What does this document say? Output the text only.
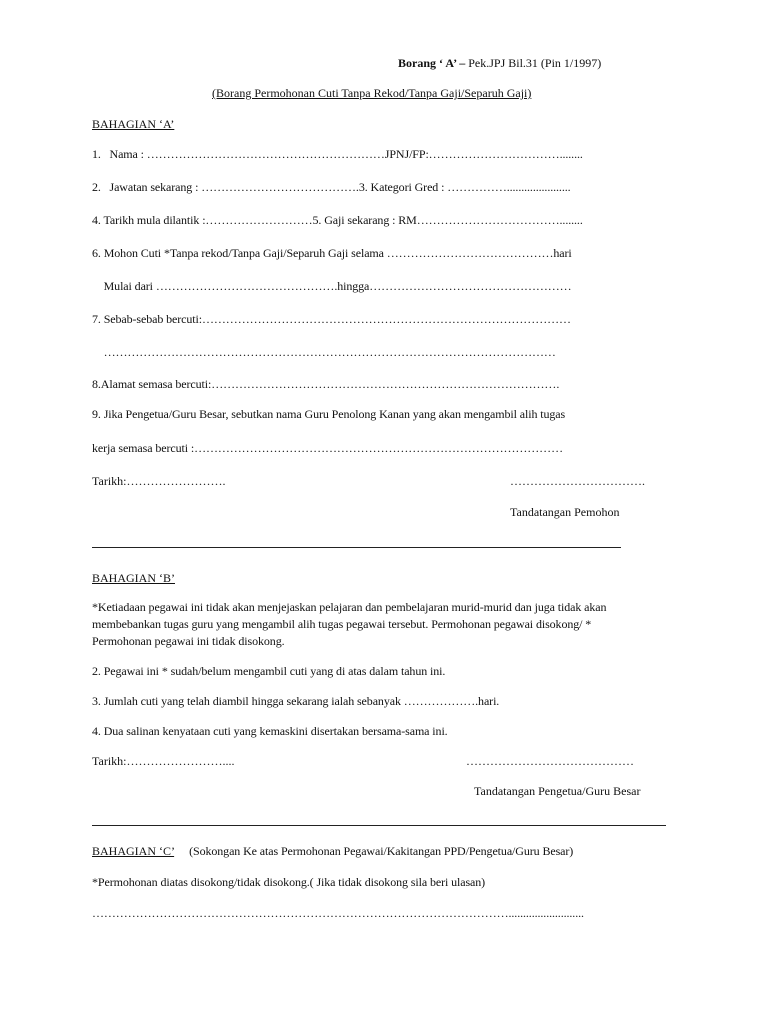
Borang ‘ A’ – Pek.JPJ Bil.31 (Pin 1/1997)
(Borang Permohonan Cuti Tanpa Rekod/Tanpa Gaji/Separuh Gaji)
BAHAGIAN ‘A’
1.   Nama : ……………………………………………………JPNJ/FP:……………………………........
2.   Jawatan sekarang : ………………………………….3. Kategori Gred : ……………......................
4. Tarikh mula dilantik :………………………5. Gaji sekarang : RM………………………………........
6. Mohon Cuti *Tanpa rekod/Tanpa Gaji/Separuh Gaji selama ……………………………………hari
Mulai dari ……………………………………….hingga……………………………………………
7. Sebab-sebab bercuti:…………………………………………………………………………………
……………………………………………………………………………………………………
8.Alamat semasa bercuti:…………………………………………………………………………….
9. Jika Pengetua/Guru Besar, sebutkan nama Guru Penolong Kanan yang akan mengambil alih tugas
kerja semasa bercuti :…………………………………………………………………………………
Tarikh:…………………….	…………………………….
Tandatangan Pemohon
BAHAGIAN ‘B’
*Ketiadaan pegawai ini tidak akan menjejaskan pelajaran dan pembelajaran murid-murid dan juga tidak akan
membebankan tugas guru yang mengambil alih tugas pegawai tersebut. Permohonan pegawai disokong/ *
Permohonan pegawai ini tidak disokong.
2. Pegawai ini * sudah/belum mengambil cuti yang di atas dalam tahun ini.
3. Jumlah cuti yang telah diambil hingga sekarang ialah sebanyak ……………….hari.
4. Dua salinan kenyataan cuti yang kemaskini disertakan bersama-sama ini.
Tarikh:……………………....	……………………………………
Tandatangan Pengetua/Guru Besar
BAHAGIAN ‘C’ (Sokongan Ke atas Permohonan Pegawai/Kakitangan PPD/Pengetua/Guru Besar)
*Permohonan diatas disokong/tidak disokong.( Jika tidak disokong sila beri ulasan)
……………………………………………………………………………………………..........................
